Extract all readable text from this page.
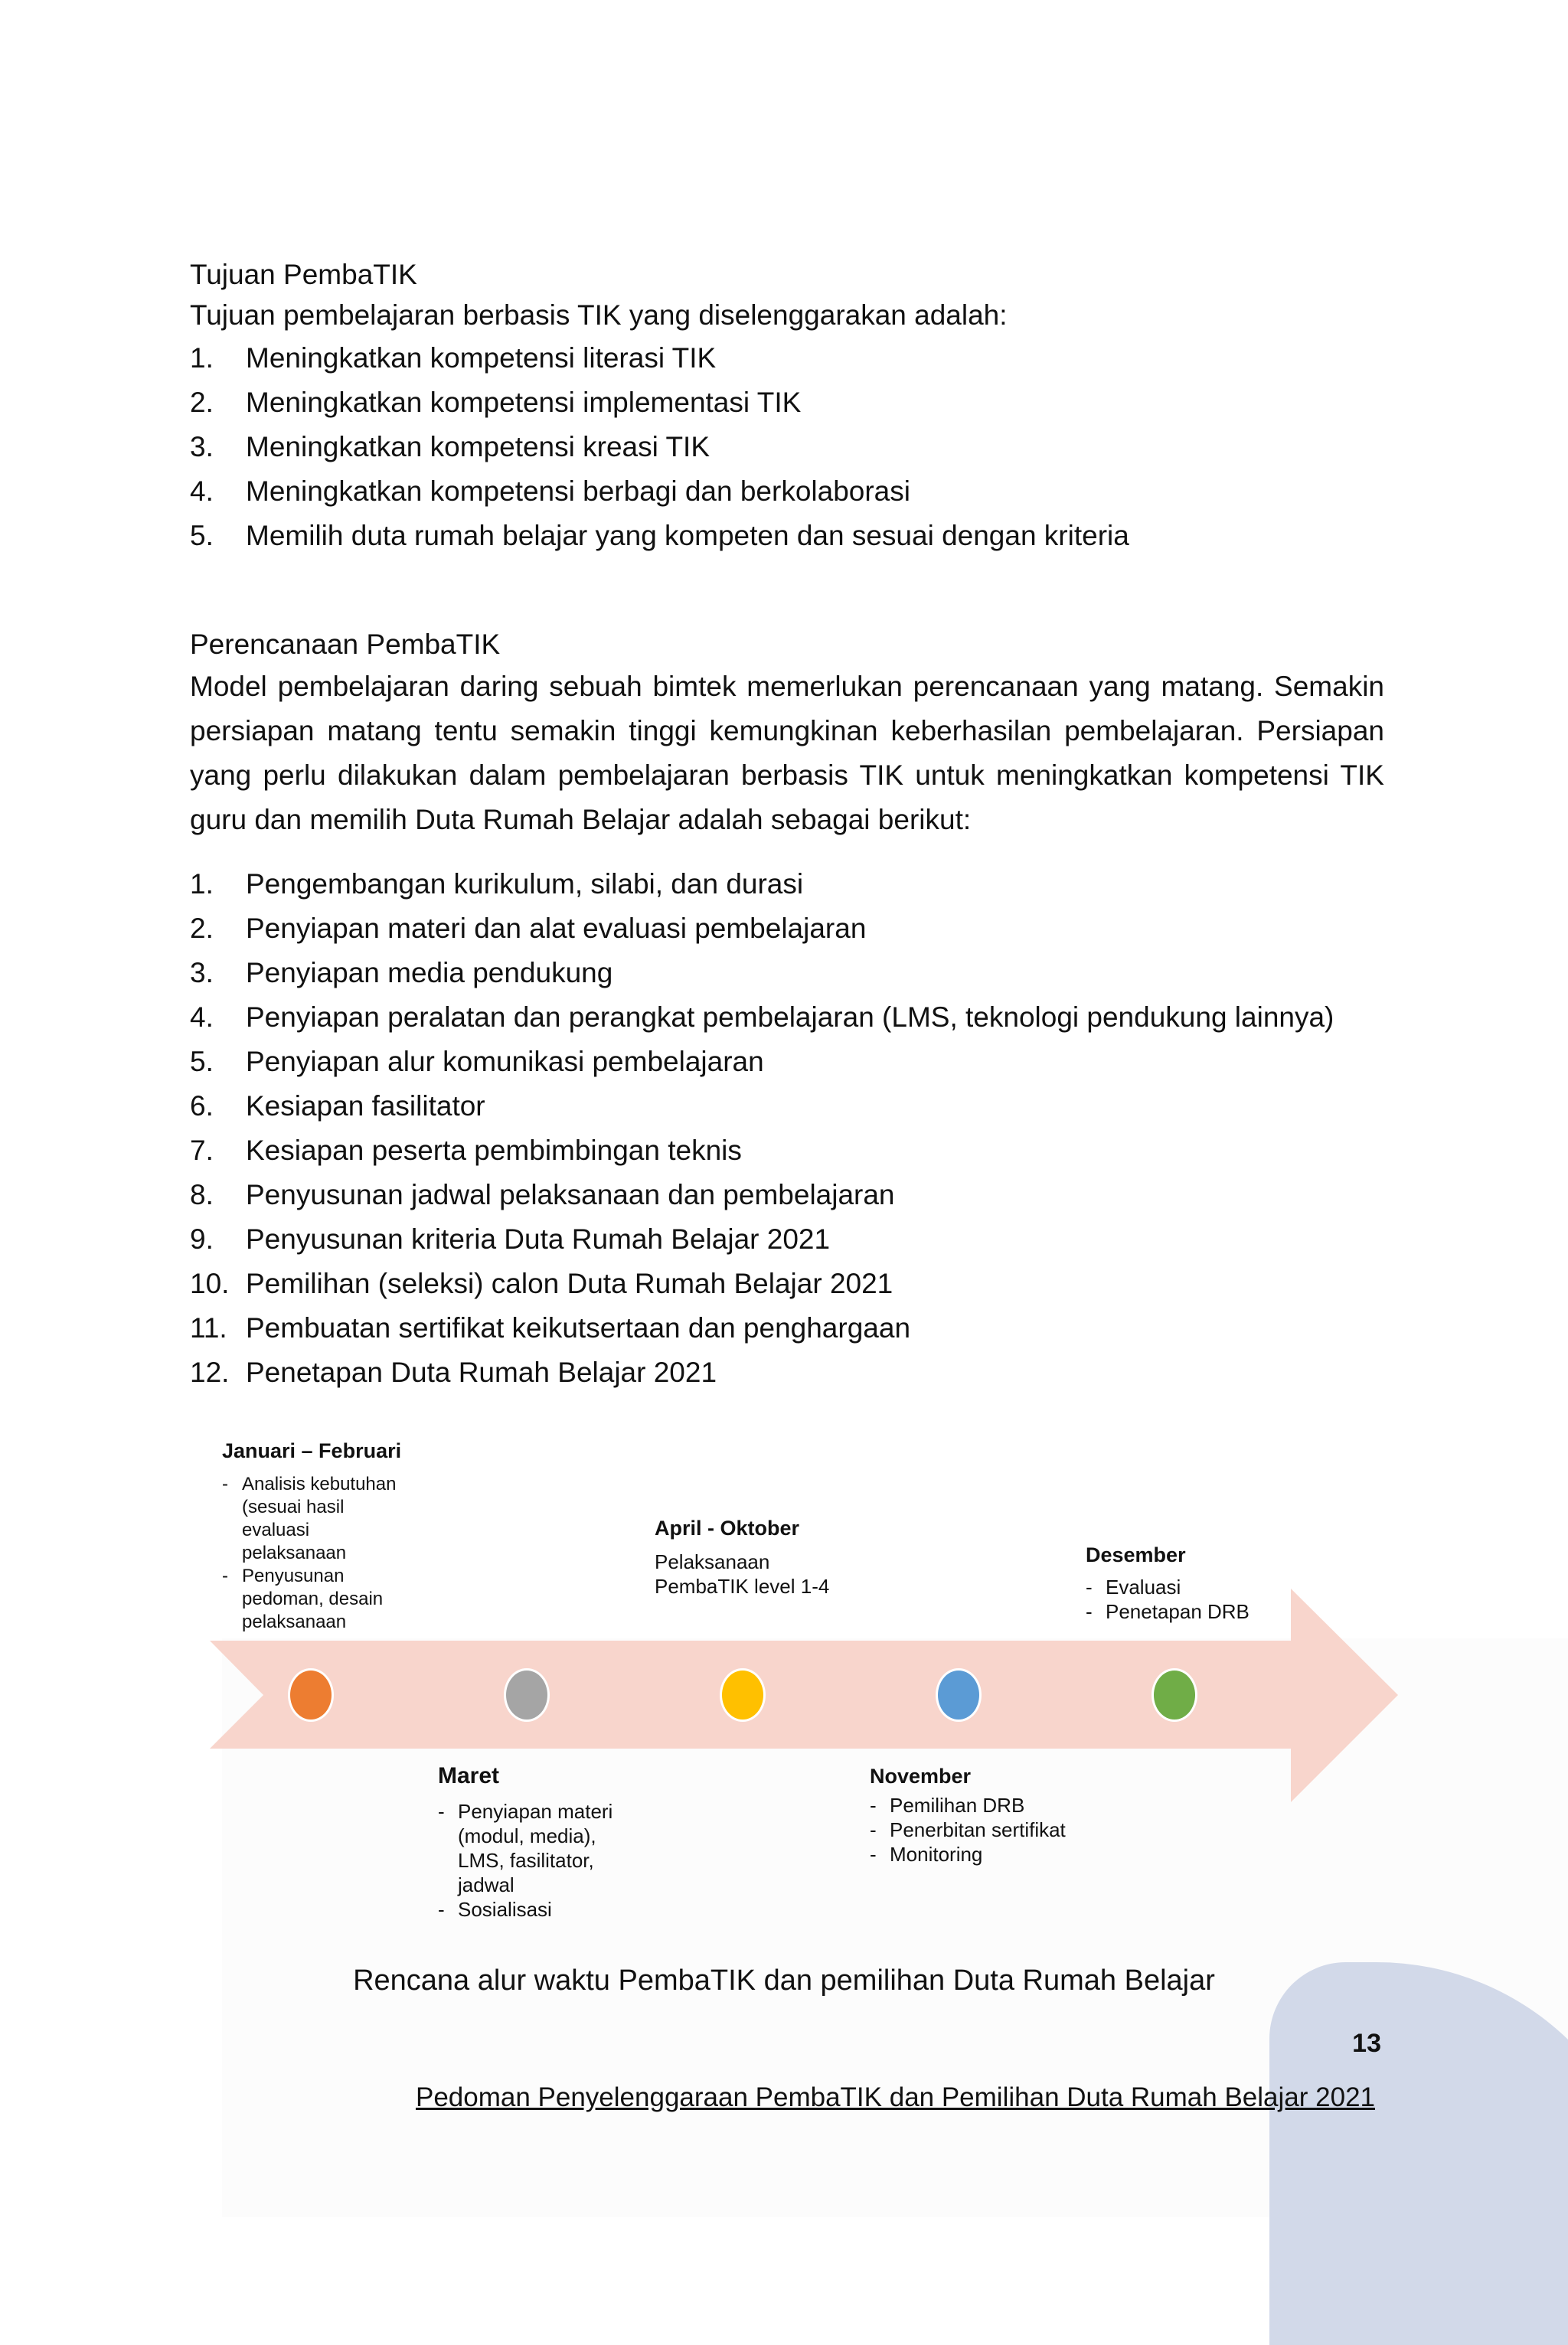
Tujuan PembaTIK
Tujuan pembelajaran berbasis TIK yang diselenggarakan adalah:
1. Meningkatkan kompetensi literasi TIK
2. Meningkatkan kompetensi implementasi TIK
3. Meningkatkan kompetensi kreasi TIK
4. Meningkatkan kompetensi berbagi dan berkolaborasi
5. Memilih duta rumah belajar yang kompeten dan sesuai dengan kriteria
Perencanaan PembaTIK
Model pembelajaran daring sebuah bimtek memerlukan perencanaan yang matang. Semakin persiapan matang tentu semakin tinggi kemungkinan keberhasilan pembelajaran. Persiapan yang perlu dilakukan dalam pembelajaran berbasis TIK untuk meningkatkan kompetensi TIK guru dan memilih Duta Rumah Belajar adalah sebagai berikut:
1. Pengembangan kurikulum, silabi, dan durasi
2. Penyiapan materi dan alat evaluasi pembelajaran
3. Penyiapan media pendukung
4. Penyiapan peralatan dan perangkat pembelajaran (LMS, teknologi pendukung lainnya)
5. Penyiapan alur komunikasi pembelajaran
6. Kesiapan fasilitator
7. Kesiapan peserta pembimbingan teknis
8. Penyusunan jadwal pelaksanaan dan pembelajaran
9. Penyusunan kriteria Duta Rumah Belajar 2021
10. Pemilihan (seleksi) calon Duta Rumah Belajar 2021
11. Pembuatan sertifikat keikutsertaan dan penghargaan
12. Penetapan Duta Rumah Belajar 2021
Januari – Februari
- Analisis kebutuhan (sesuai hasil evaluasi pelaksanaan
- Penyusunan pedoman, desain pelaksanaan
April - Oktober
Pelaksanaan PembaTIK level 1-4
Desember
- Evaluasi
- Penetapan DRB
Maret
- Penyiapan materi (modul, media), LMS, fasilitator, jadwal
- Sosialisasi
November
- Pemilihan DRB
- Penerbitan sertifikat
- Monitoring
Rencana alur waktu PembaTIK dan pemilihan Duta Rumah Belajar
13
Pedoman Penyelenggaraan PembaTIK dan Pemilihan Duta Rumah Belajar 2021
